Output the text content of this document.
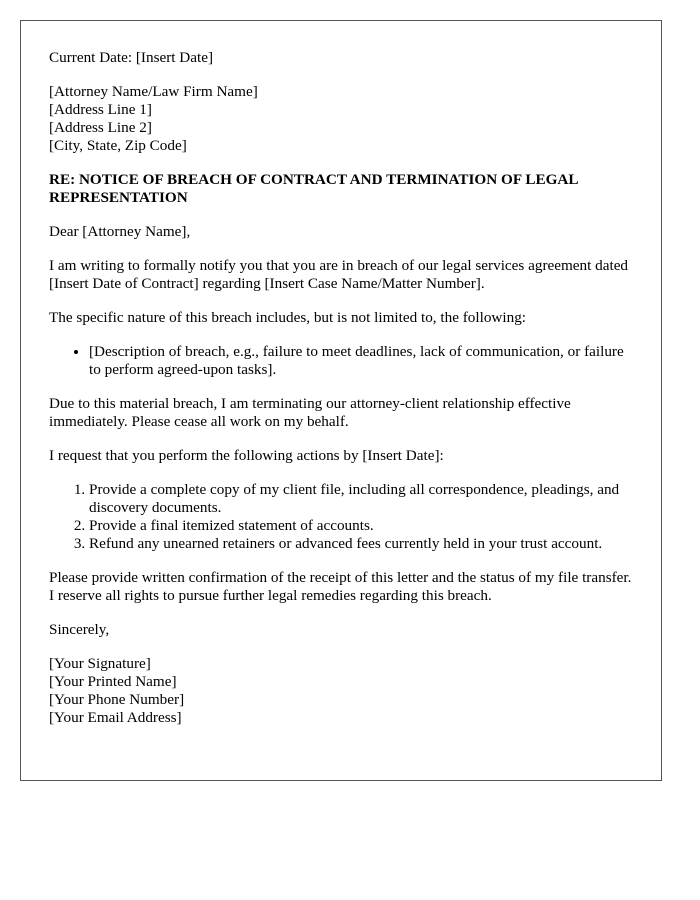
Current Date: [Insert Date]

[Attorney Name/Law Firm Name]
[Address Line 1]
[Address Line 2]
[City, State, Zip Code]
RE: NOTICE OF BREACH OF CONTRACT AND TERMINATION OF LEGAL REPRESENTATION

Dear [Attorney Name],

I am writing to formally notify you that you are in breach of our legal services agreement dated [Insert Date of Contract] regarding [Insert Case Name/Matter Number].

The specific nature of this breach includes, but is not limited to, the following:

• [Description of breach, e.g., failure to meet deadlines, lack of communication, or failure to perform agreed-upon tasks].

Due to this material breach, I am terminating our attorney-client relationship effective immediately. Please cease all work on my behalf.

I request that you perform the following actions by [Insert Date]:

1. Provide a complete copy of my client file, including all correspondence, pleadings, and discovery documents.
2. Provide a final itemized statement of accounts.
3. Refund any unearned retainers or advanced fees currently held in your trust account.

Please provide written confirmation of the receipt of this letter and the status of my file transfer. I reserve all rights to pursue further legal remedies regarding this breach.

Sincerely,

[Your Signature]
[Your Printed Name]
[Your Phone Number]
[Your Email Address]
